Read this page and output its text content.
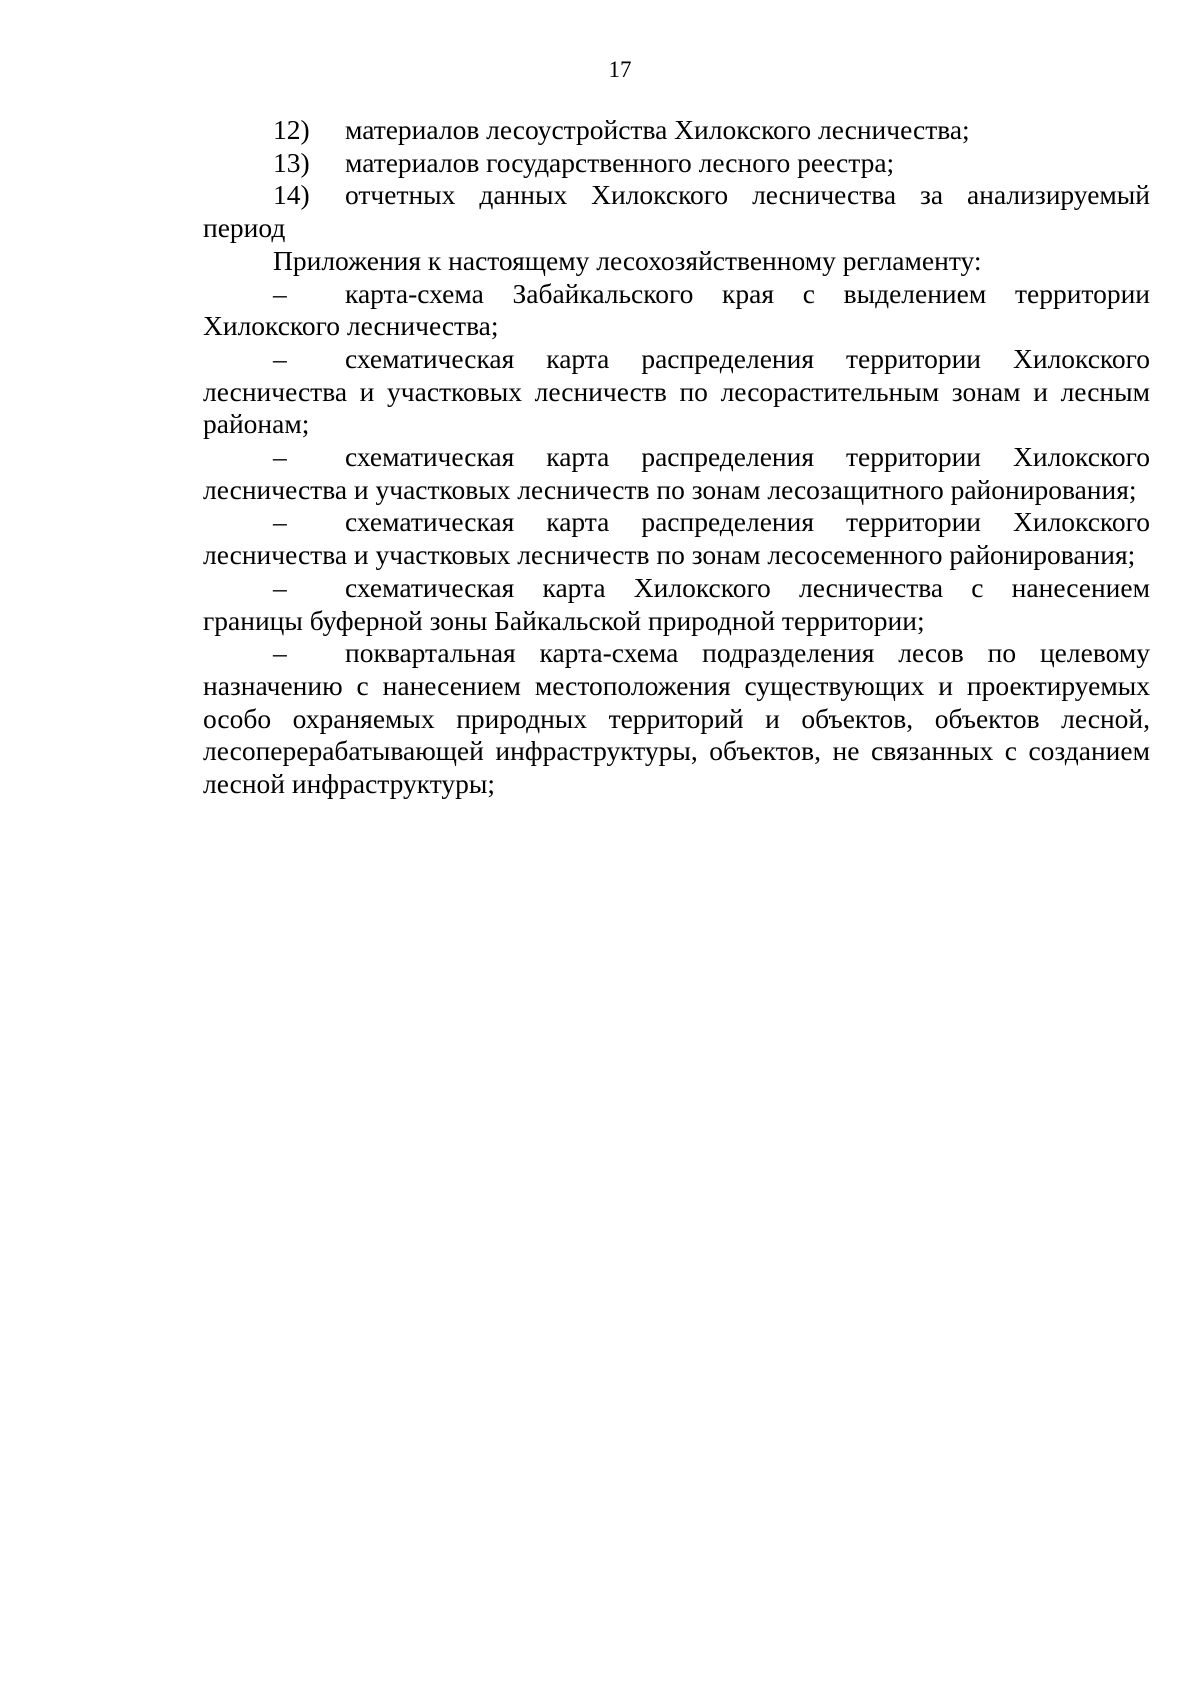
17

12) материалов лесоустройства Хилокского лесничества;

13) материалов государственного лесного реестра;

14) отчетных данных Хилокского лесничества за анализируемый период

Приложения к настоящему лесохозяйственному регламенту:

– карта-схема Забайкальского края с выделением территории Хилокского лесничества;

– схематическая карта распределения территории Хилокского лесничества и участковых лесничеств по лесорастительным зонам и лесным районам;

– схематическая карта распределения территории Хилокского лесничества и участковых лесничеств по зонам лесозащитного районирования;

– схематическая карта распределения территории Хилокского лесничества и участковых лесничеств по зонам лесосеменного районирования;

– схематическая карта Хилокского лесничества с нанесением границы буферной зоны Байкальской природной территории;

– поквартальная карта-схема подразделения лесов по целевому назначению с нанесением местоположения существующих и проектируемых особо охраняемых природных территорий и объектов, объектов лесной, лесоперерабатывающей инфраструктуры, объектов, не связанных с созданием лесной инфраструктуры;
